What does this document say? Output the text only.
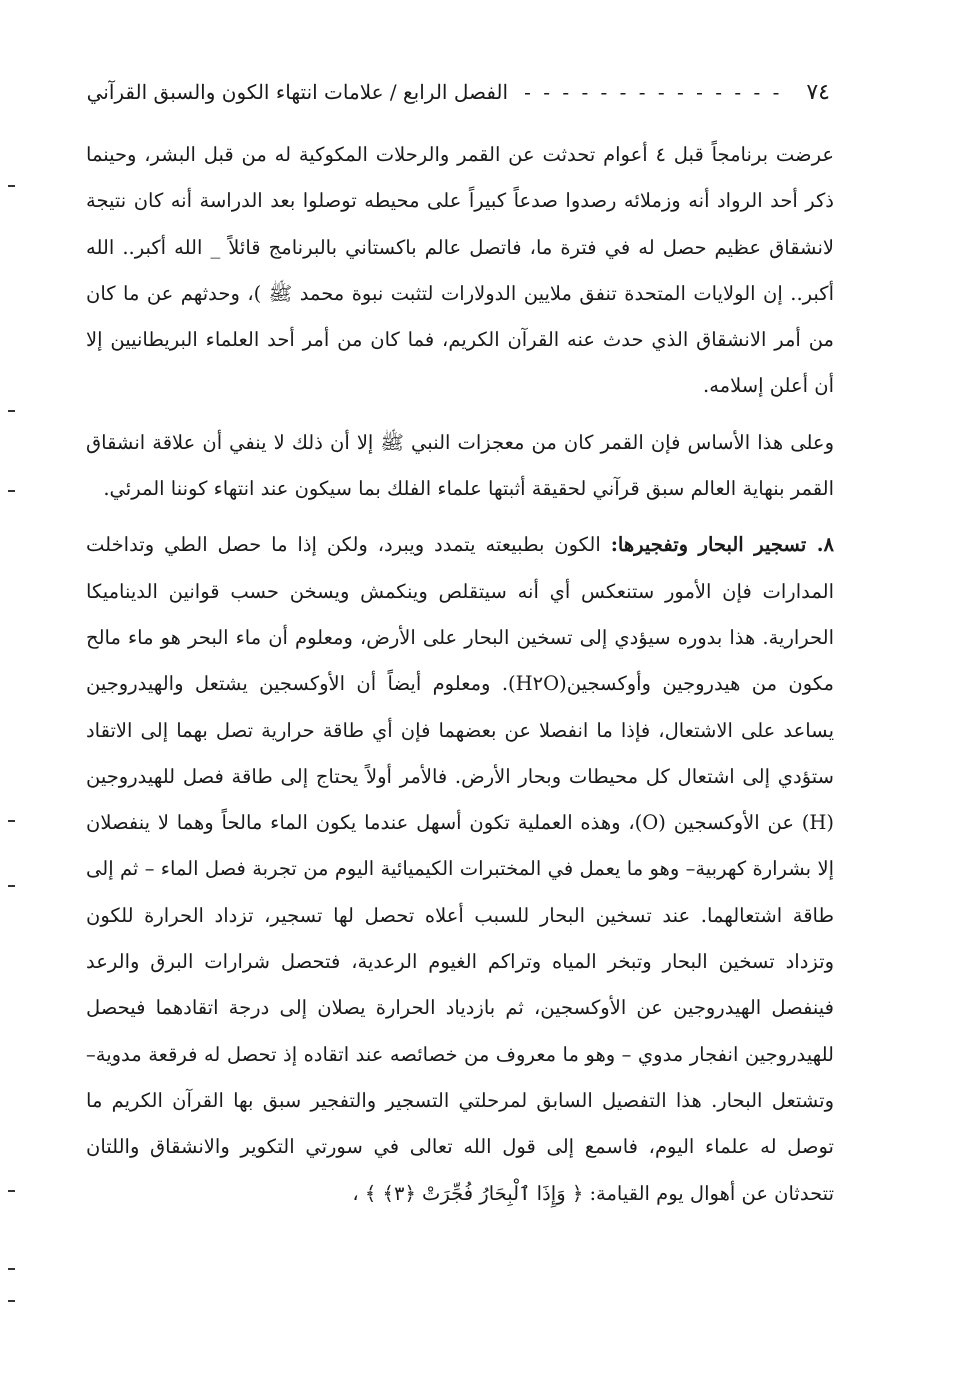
٧٤
- - - - - - - - - - - - - -
الفصل الرابع / علامات انتهاء الكون والسبق القرآني

عرضت برنامجاً قبل ٤ أعوام تحدثت عن القمر والرحلات المكوكية له من قبل البشر، وحينما ذكر أحد الرواد أنه وزملائه رصدوا صدعاً كبيراً على محيطه توصلوا بعد الدراسة أنه كان نتيجة لانشقاق عظيم حصل له في فترة ما، فاتصل عالم باكستاني بالبرنامج قائلاً _ الله أكبر.. الله أكبر.. إن الولايات المتحدة تنفق ملايين الدولارات لتثبت نبوة محمد ﷺ )، وحدثهم عن ما كان من أمر الانشقاق الذي حدث عنه القرآن الكريم، فما كان من أمر أحد العلماء البريطانيين إلا أن أعلن إسلامه.

وعلى هذا الأساس فإن القمر كان من معجزات النبي ﷺ إلا أن ذلك لا ينفي أن علاقة انشقاق القمر بنهاية العالم سبق قرآني لحقيقة أثبتها علماء الفلك بما سيكون عند انتهاء كوننا المرئي.

٨. تسجير البحار وتفجيرها: الكون بطبيعته يتمدد ويبرد، ولكن إذا ما حصل الطي وتداخلت المدارات فإن الأمور ستنعكس أي أنه سيتقلص وينكمش ويسخن حسب قوانين الديناميكا الحرارية. هذا بدوره سيؤدي إلى تسخين البحار على الأرض، ومعلوم أن ماء البحر هو ماء مالح مكون من هيدروجين وأوكسجين(H٢O). ومعلوم أيضاً أن الأوكسجين يشتعل والهيدروجين يساعد على الاشتعال، فإذا ما انفصلا عن بعضهما فإن أي طاقة حرارية تصل بهما إلى الاتقاد ستؤدي إلى اشتعال كل محيطات وبحار الأرض. فالأمر أولاً يحتاج إلى طاقة فصل للهيدروجين (H) عن الأوكسجين (O)، وهذه العملية تكون أسهل عندما يكون الماء مالحاً وهما لا ينفصلان إلا بشرارة كهربية– وهو ما يعمل في المختبرات الكيميائية اليوم من تجربة فصل الماء – ثم إلى طاقة اشتعالهما. عند تسخين البحار للسبب أعلاه تحصل لها تسجير، تزداد الحرارة للكون وتزداد تسخين البحار وتبخر المياه وتراكم الغيوم الرعدية، فتحصل شرارات البرق والرعد فينفصل الهيدروجين عن الأوكسجين، ثم بازدياد الحرارة يصلان إلى درجة اتقادهما فيحصل للهيدروجين انفجار مدوي – وهو ما معروف من خصائصه عند اتقاده إذ تحصل له فرقعة مدوية– وتشتعل البحار. هذا التفصيل السابق لمرحلتي التسجير والتفجير سبق بها القرآن الكريم ما توصل له علماء اليوم، فاسمع إلى قول الله تعالى في سورتي التكوير والانشقاق واللتان تتحدثان عن أهوال يوم القيامة: ﴿ وَإِذَا ٱلْبِحَارُ فُجِّرَتْ ﴿٣﴾ ﴾ ،
